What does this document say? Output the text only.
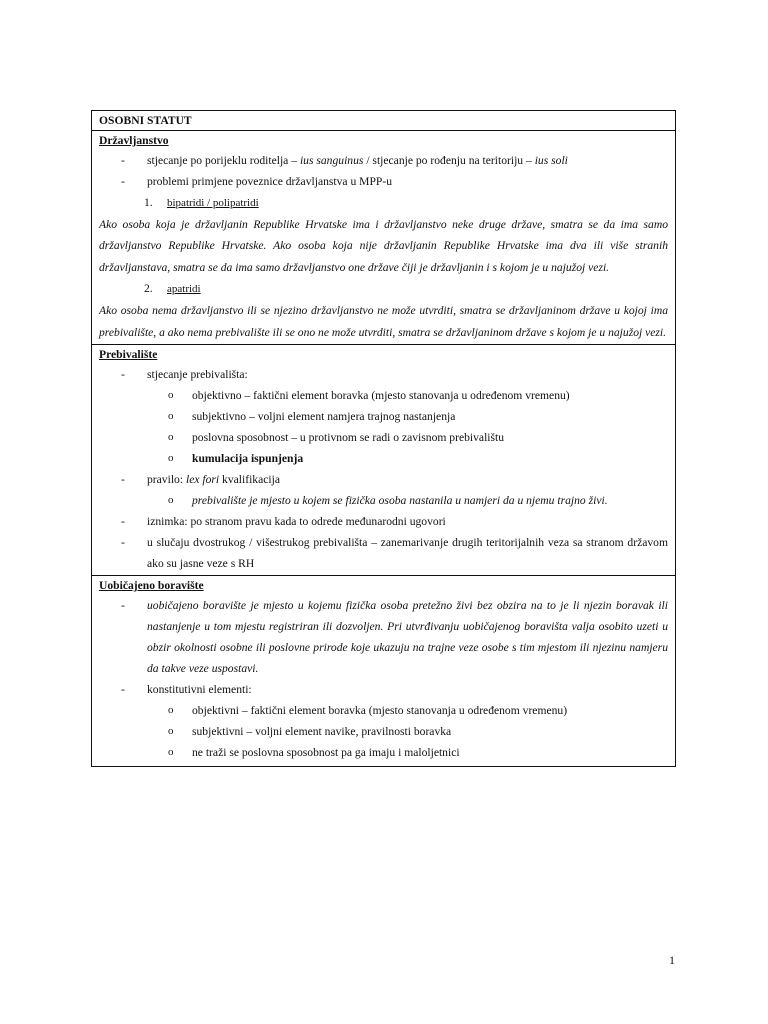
OSOBNI STATUT
Državljanstvo
- stjecanje po porijeklu roditelja – ius sanguinus / stjecanje po rođenju na teritoriju – ius soli
- problemi primjene poveznice državljanstva u MPP-u
1. bipatridi / polipatridi
Ako osoba koja je državljanin Republike Hrvatske ima i državljanstvo neke druge države, smatra se da ima samo državljanstvo Republike Hrvatske. Ako osoba koja nije državljanin Republike Hrvatske ima dva ili više stranih državljanstava, smatra se da ima samo državljanstvo one države čiji je državljanin i s kojom je u najužoj vezi.
2. apatridi
Ako osoba nema državljanstvo ili se njezino državljanstvo ne može utvrditi, smatra se državljaninom države u kojoj ima prebivalište, a ako nema prebivalište ili se ono ne može utvrditi, smatra se državljaninom države s kojom je u najužoj vezi.
Prebivalište
- stjecanje prebivališta:
o objektivno – faktični element boravka (mjesto stanovanja u određenom vremenu)
o subjektivno – voljni element namjera trajnog nastanjenja
o poslovna sposobnost – u protivnom se radi o zavisnom prebivalištu
o kumulacija ispunjenja
- pravilo: lex fori kvalifikacija
o prebivalište je mjesto u kojem se fizička osoba nastanila u namjeri da u njemu trajno živi.
- iznimka: po stranom pravu kada to odrede međunarodni ugovori
- u slučaju dvostrukog / višestrukog prebivališta – zanemarivanje drugih teritorijalnih veza sa stranom državom ako su jasne veze s RH
Uobičajeno boravište
- uobičajeno boravište je mjesto u kojemu fizička osoba pretežno živi bez obzira na to je li njezin boravak ili nastanjenje u tom mjestu registriran ili dozvoljen. Pri utvrđivanju uobičajenog boravišta valja osobito uzeti u obzir okolnosti osobne ili poslovne prirode koje ukazuju na trajne veze osobe s tim mjestom ili njezinu namjeru da takve veze uspostavi.
- konstitutivni elementi:
o objektivni – faktični element boravka (mjesto stanovanja u određenom vremenu)
o subjektivni – voljni element navike, pravilnosti boravka
o ne traži se poslovna sposobnost pa ga imaju i maloljetnici
1
